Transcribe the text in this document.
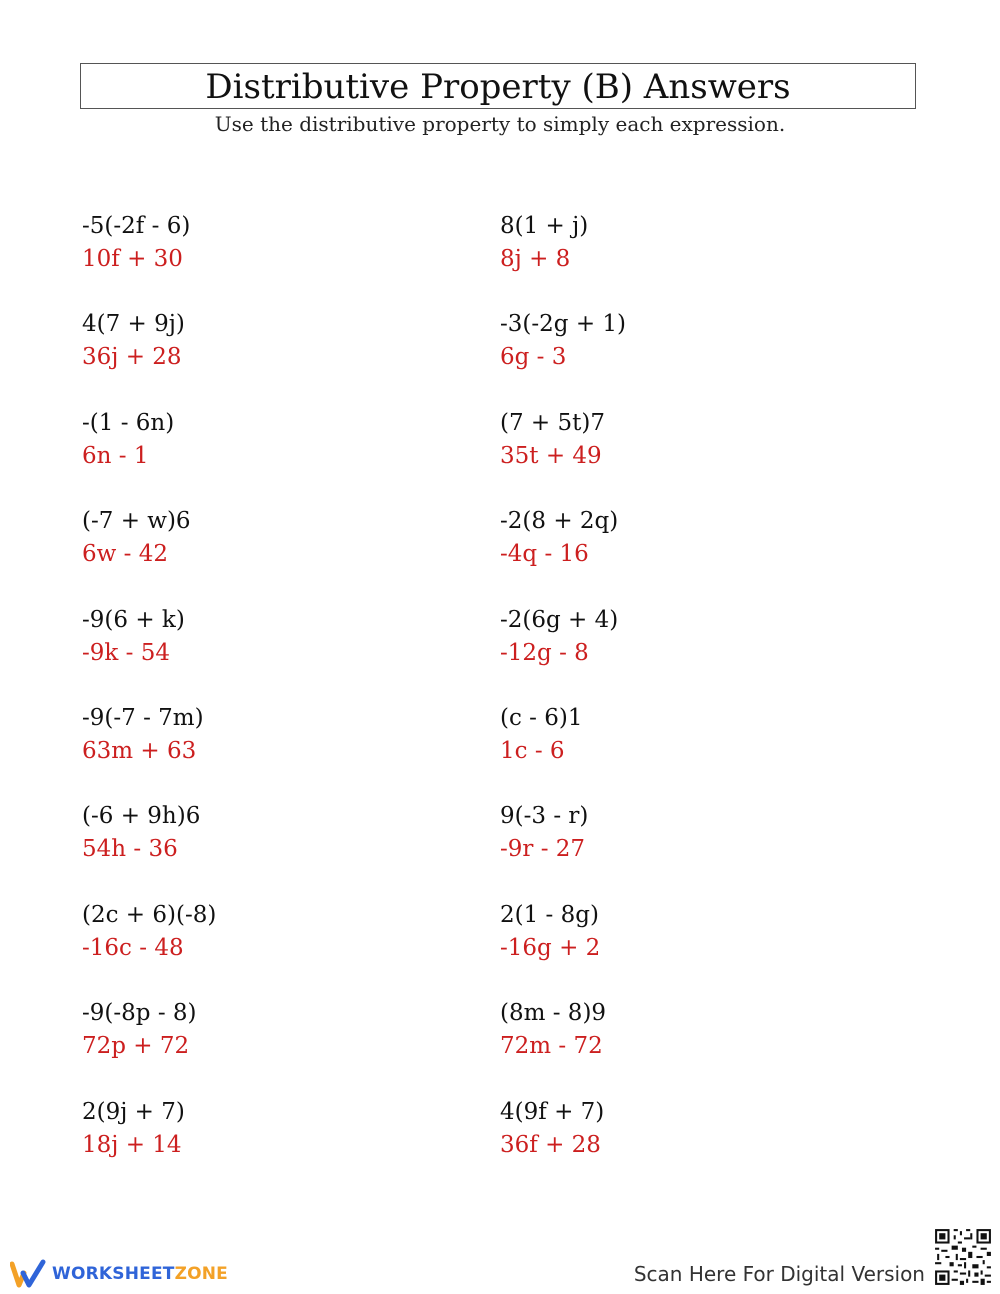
Distributive Property (B) Answers
Use the distributive property to simply each expression.
-5(-2f - 6)
10f + 30
8(1 + j)
8j + 8
4(7 + 9j)
36j + 28
-3(-2g + 1)
6g - 3
-(1 - 6n)
6n - 1
(7 + 5t)7
35t + 49
(-7 + w)6
6w - 42
-2(8 + 2q)
-4q - 16
-9(6 + k)
-9k - 54
-2(6g + 4)
-12g - 8
-9(-7 - 7m)
63m + 63
(c - 6)1
1c - 6
(-6 + 9h)6
54h - 36
9(-3 - r)
-9r - 27
(2c + 6)(-8)
-16c - 48
2(1 - 8g)
-16g + 2
-9(-8p - 8)
72p + 72
(8m - 8)9
72m - 72
2(9j + 7)
18j + 14
4(9f + 7)
36f + 28
WORKSHEETZONE	Scan Here For Digital Version
